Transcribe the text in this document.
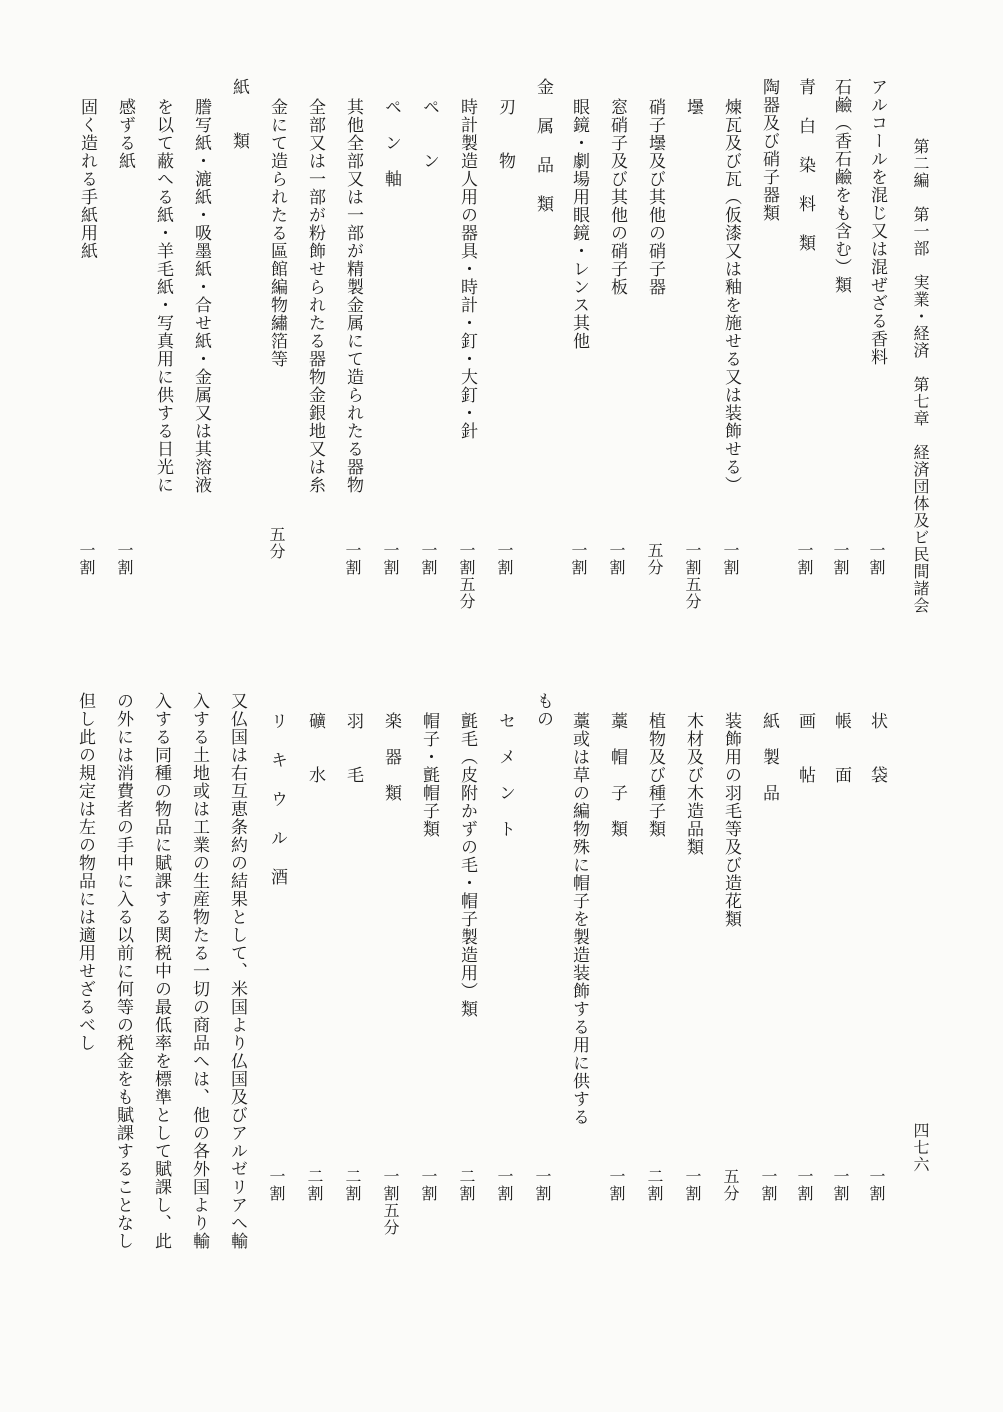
第二編　第一部　実業・経済　第七章　経済団体及ビ民間諸会
四七六
アルコールを混じ又は混ぜざる香料
一割
石鹼（香石鹼をも含む）類
一割
青 白 染 料 類
一割
陶器及び硝子器類
煉瓦及び瓦（仮漆又は釉を施せる又は装飾せる）
一割
壜
一割五分
硝子壜及び其他の硝子器
五分
窓硝子及び其他の硝子板
一割
眼鏡・劇場用眼鏡・レンス其他
一割
金 属 品 類
刃　　物
一割
時計製造人用の器具・時計・釘・大釘・針
一割五分
ペ　　ン
一割
ペ　ン　軸
一割
其他全部又は一部が精製金属にて造られたる器物
一割
全部又は一部が粉飾せられたる器物金銀地又は糸
金にて造られたる區館編物繡箔等
五分
紙　　類
謄写紙・漉紙・吸墨紙・合せ紙・金属又は其溶液
を以て蔽へる紙・羊毛紙・写真用に供する日光に
感ずる紙
一割
固く造れる手紙用紙
一割
状　　袋
一割
帳　　面
一割
画　　帖
一割
紙　製　品
一割
装飾用の羽毛等及び造花類
五分
木材及び木造品類
一割
植物及び種子類
二割
藁　帽　子　類
一割
藁或は草の編物殊に帽子を製造装飾する用に供する
もの
一割
セ　メ　ン　ト
一割
氈毛（皮附かずの毛・帽子製造用）類
二割
帽子・氈帽子類
一割
楽　器　類
一割五分
羽　　毛
二割
礦　　水
二割
リ キ ウ ル 酒
一割
又仏国は右互恵条約の結果として、米国より仏国及びアルゼリアへ輸
入する土地或は工業の生産物たる一切の商品へは、他の各外国より輸
入する同種の物品に賦課する関税中の最低率を標準として賦課し、此
の外には消費者の手中に入る以前に何等の税金をも賦課することなし
但し此の規定は左の物品には適用せざるべし
